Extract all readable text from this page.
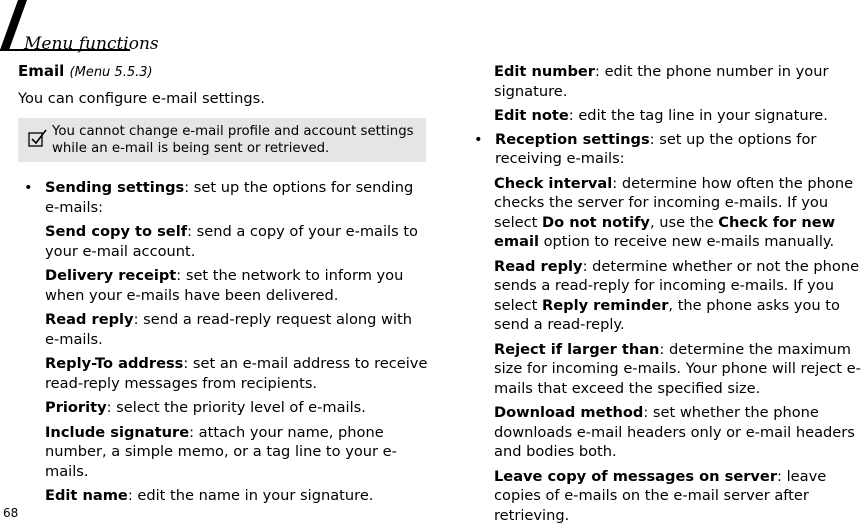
Menu functions
Email (Menu 5.5.3)

You can configure e-mail settings.

You cannot change e-mail profile and account settings while an e-mail is being sent or retrieved.
• Sending settings: set up the options for sending e-mails:

Send copy to self: send a copy of your e-mails to your e-mail account.

Delivery receipt: set the network to inform you when your e-mails have been delivered.

Read reply: send a read-reply request along with e-mails.

Reply-To address: set an e-mail address to receive read-reply messages from recipients.

Priority: select the priority level of e-mails.

Include signature: attach your name, phone number, a simple memo, or a tag line to your e-mails.

Edit name: edit the name in your signature.

Edit number: edit the phone number in your signature.

Edit note: edit the tag line in your signature.

• Reception settings: set up the options for receiving e-mails:

Check interval: determine how often the phone checks the server for incoming e-mails. If you select Do not notify, use the Check for new email option to receive new e-mails manually.

Read reply: determine whether or not the phone sends a read-reply for incoming e-mails. If you select Reply reminder, the phone asks you to send a read-reply.

Reject if larger than: determine the maximum size for incoming e-mails. Your phone will reject e-mails that exceed the specified size.

Download method: set whether the phone downloads e-mail headers only or e-mail headers and bodies both.

Leave copy of messages on server: leave copies of e-mails on the e-mail server after retrieving.

68
